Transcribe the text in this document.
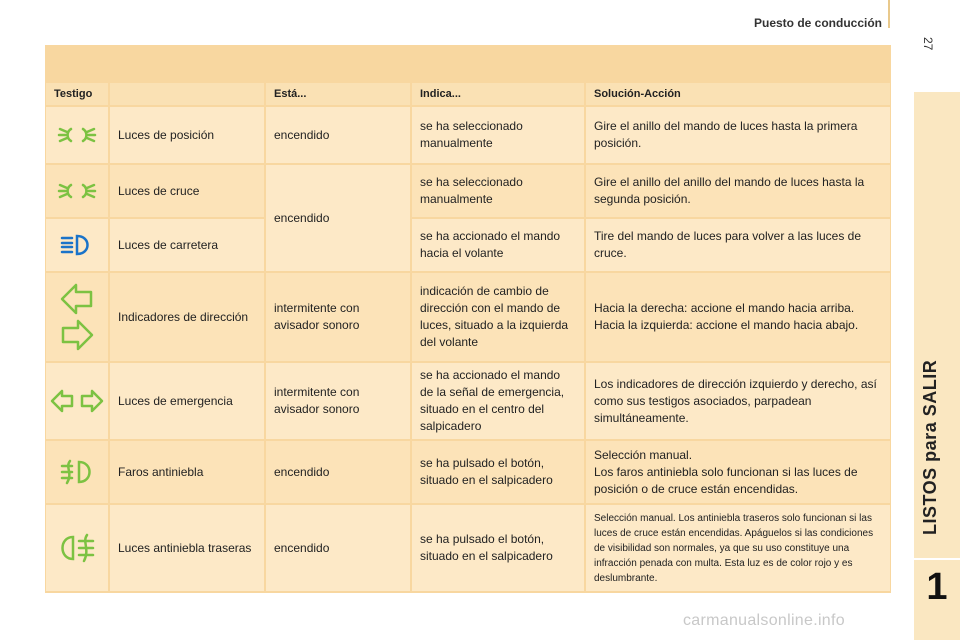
Puesto de conducción
27
LISTOS para SALIR
1
Testigo		Está...	Indica...	Solución-Acción

	Luces de posición	encendido	se ha seleccionado manualmente	Gire el anillo del mando de luces hasta la primera posición.

	Luces de cruce	encendido	se ha seleccionado manualmente	Gire el anillo del anillo del mando de luces hasta la segunda posición.

	Luces de carretera		se ha accionado el mando hacia el volante	Tire del mando de luces para volver a las luces de cruce.

	Indicadores de dirección	intermitente con avisador sonoro	indicación de cambio de dirección con el mando de luces, situado a la izquierda del volante	Hacia la derecha: accione el mando hacia arriba.
Hacia la izquierda: accione el mando hacia abajo.

	Luces de emergencia	intermitente con avisador sonoro	se ha accionado el mando de la señal de emergencia, situado en el centro del salpicadero	Los indicadores de dirección izquierdo y derecho, así como sus testigos asociados, parpadean simultáneamente.

	Faros antiniebla	encendido	se ha pulsado el botón, situado en el salpicadero	Selección manual.
Los faros antiniebla solo funcionan si las luces de posición o de cruce están encendidas.

	Luces antiniebla traseras	encendido	se ha pulsado el botón, situado en el salpicadero	Selección manual. Los antiniebla traseros solo funcionan si las luces de cruce están encendidas. Apáguelos si las condiciones de visibilidad son normales, ya que su uso constituye una infracción penada con multa. Esta luz es de color rojo y es deslumbrante.
carmanualsonline.info
